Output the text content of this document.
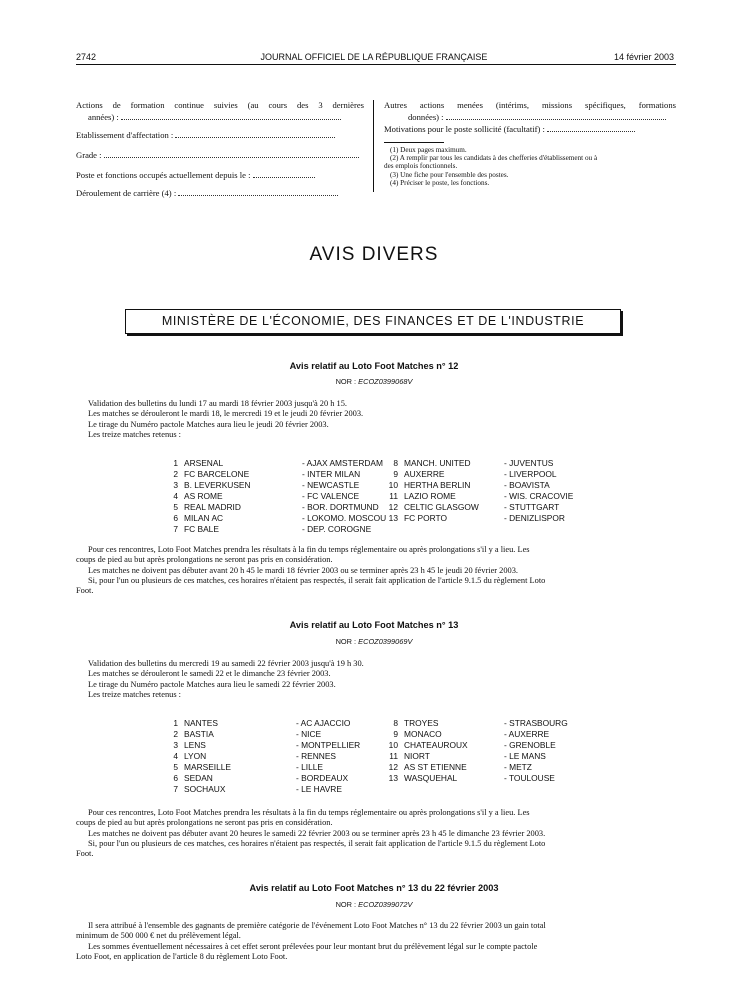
2742	JOURNAL OFFICIEL DE LA RÉPUBLIQUE FRANÇAISE	14 février 2003
Actions de formation continue suivies (au cours des 3 dernières
années) :
Etablissement d'affectation :
Grade :
Poste et fonctions occupés actuellement depuis le :
Déroulement de carrière (4) :
Autres actions menées (intérims, missions spécifiques, formations
données) :
Motivations pour le poste sollicité (facultatif) :
(1) Deux pages maximum.
(2) A remplir par tous les candidats à des chefferies d'établissement ou à
des emplois fonctionnels.
(3) Une fiche pour l'ensemble des postes.
(4) Préciser le poste, les fonctions.
AVIS DIVERS
MINISTÈRE DE L'ÉCONOMIE, DES FINANCES ET DE L'INDUSTRIE
Avis relatif au Loto Foot Matches n° 12
NOR : ECOZ0399068V

Validation des bulletins du lundi 17 au mardi 18 février 2003 jusqu'à 20 h 15.

Les matches se dérouleront le mardi 18, le mercredi 19 et le jeudi 20 février 2003.

Le tirage du Numéro pactole Matches aura lieu le jeudi 20 février 2003.

Les treize matches retenus :

1	ARSENAL	- AJAX AMSTERDAM
2	FC BARCELONE	- INTER MILAN
3	B. LEVERKUSEN	- NEWCASTLE
4	AS ROME	- FC VALENCE
5	REAL MADRID	- BOR. DORTMUND
6	MILAN AC	- LOKOMO. MOSCOU
7	FC BALE	- DEP. COROGNE
8	MANCH. UNITED	- JUVENTUS
9	AUXERRE	- LIVERPOOL
10	HERTHA BERLIN	- BOAVISTA
11	LAZIO ROME	- WIS. CRACOVIE
12	CELTIC GLASGOW	- STUTTGART
13	FC PORTO	- DENIZLISPOR

Pour ces rencontres, Loto Foot Matches prendra les résultats à la fin du temps réglementaire ou après prolongations s'il y a lieu. Les

coups de pied au but après prolongations ne seront pas pris en considération.

Les matches ne doivent pas débuter avant 20 h 45 le mardi 18 février 2003 ou se terminer après 23 h 45 le jeudi 20 février 2003.

Si, pour l'un ou plusieurs de ces matches, ces horaires n'étaient pas respectés, il serait fait application de l'article 9.1.5 du règlement Loto

Foot.

Avis relatif au Loto Foot Matches n° 13
NOR : ECOZ0399069V

Validation des bulletins du mercredi 19 au samedi 22 février 2003 jusqu'à 19 h 30.

Les matches se dérouleront le samedi 22 et le dimanche 23 février 2003.

Le tirage du Numéro pactole Matches aura lieu le samedi 22 février 2003.

Les treize matches retenus :

1	NANTES	- AC AJACCIO
2	BASTIA	- NICE
3	LENS	- MONTPELLIER
4	LYON	- RENNES
5	MARSEILLE	- LILLE
6	SEDAN	- BORDEAUX
7	SOCHAUX	- LE HAVRE
8	TROYES	- STRASBOURG
9	MONACO	- AUXERRE
10	CHATEAUROUX	- GRENOBLE
11	NIORT	- LE MANS
12	AS ST ETIENNE	- METZ
13	WASQUEHAL	- TOULOUSE

Pour ces rencontres, Loto Foot Matches prendra les résultats à la fin du temps réglementaire ou après prolongations s'il y a lieu. Les

coups de pied au but après prolongations ne seront pas pris en considération.

Les matches ne doivent pas débuter avant 20 heures le samedi 22 février 2003 ou se terminer après 23 h 45 le dimanche 23 février 2003.

Si, pour l'un ou plusieurs de ces matches, ces horaires n'étaient pas respectés, il serait fait application de l'article 9.1.5 du règlement Loto

Foot.

Avis relatif au Loto Foot Matches n° 13 du 22 février 2003
NOR : ECOZ0399072V

Il sera attribué à l'ensemble des gagnants de première catégorie de l'événement Loto Foot Matches n° 13 du 22 février 2003 un gain total

minimum de 500 000 € net du prélèvement légal.

Les sommes éventuellement nécessaires à cet effet seront prélevées pour leur montant brut du prélèvement légal sur le compte pactole

Loto Foot, en application de l'article 8 du règlement Loto Foot.
